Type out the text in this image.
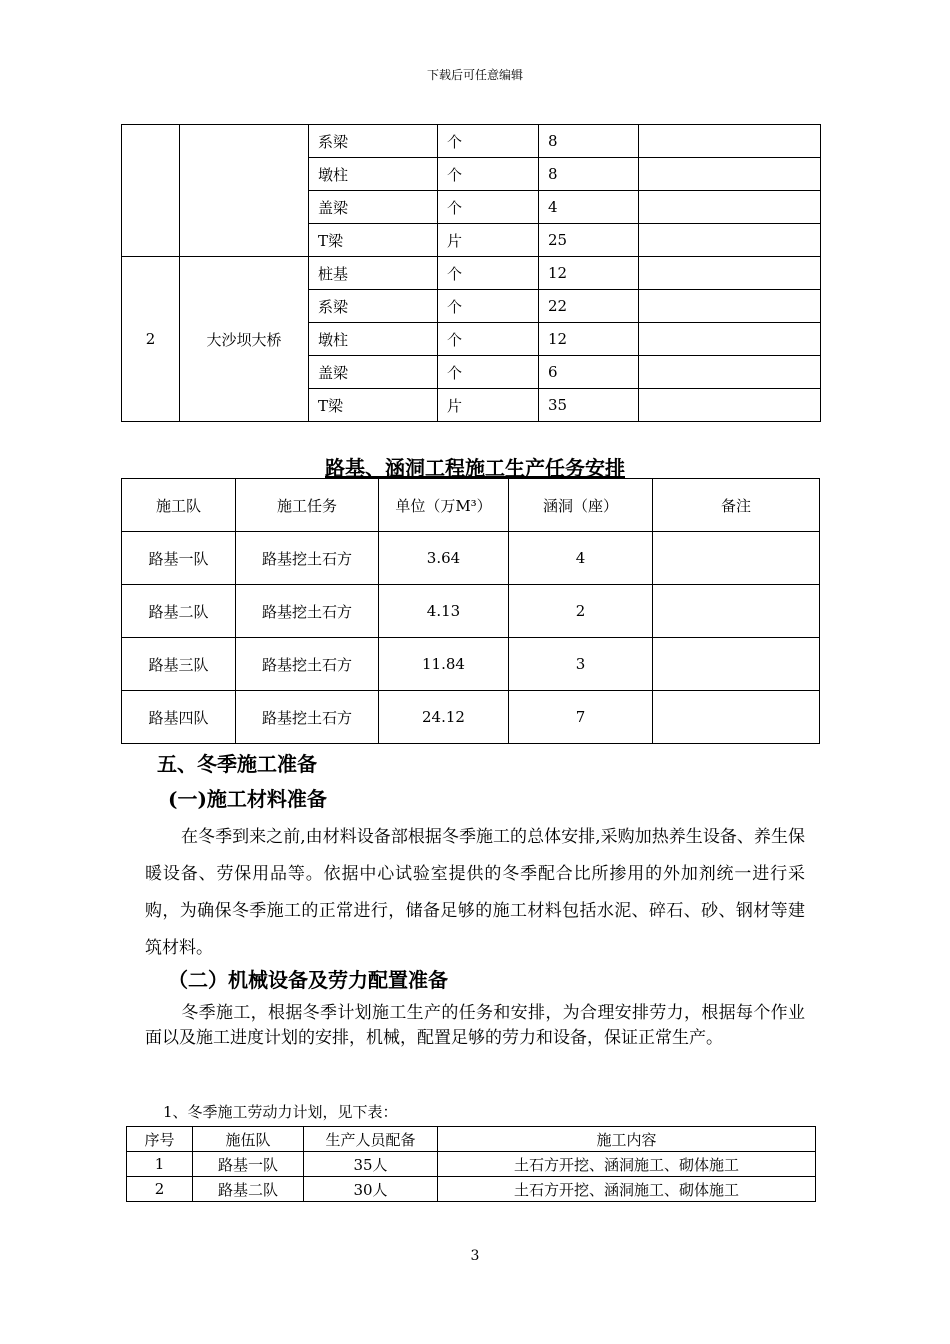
下载后可任意编辑
		系梁	个	8	
		墩柱	个	8	
		盖梁	个	4	
		T梁	片	25	
2	大沙坝大桥	桩基	个	12	
		系梁	个	22	
		墩柱	个	12	
		盖梁	个	6	
		T梁	片	35	
路基、涵洞工程施工生产任务安排
施工队	施工任务	单位（万M³）	涵洞（座）	备注
路基一队	路基挖土石方	3.64	4	
路基二队	路基挖土石方	4.13	2	
路基三队	路基挖土石方	11.84	3	
路基四队	路基挖土石方	24.12	7	
五、冬季施工准备
(一)施工材料准备
在冬季到来之前,由材料设备部根据冬季施工的总体安排,采购加热养生设备、养生保暖设备、劳保用品等。依据中心试验室提供的冬季配合比所掺用的外加剂统一进行采购，为确保冬季施工的正常进行，储备足够的施工材料包括水泥、碎石、砂、钢材等建筑材料。
（二）机械设备及劳力配置准备
冬季施工，根据冬季计划施工生产的任务和安排，为合理安排劳力，根据每个作业面以及施工进度计划的安排，机械，配置足够的劳力和设备，保证正常生产。
1、冬季施工劳动力计划，见下表：
序号	施伍队	生产人员配备	施工内容
1	路基一队	35人	土石方开挖、涵洞施工、砌体施工
2	路基二队	30人	土石方开挖、涵洞施工、砌体施工
3
